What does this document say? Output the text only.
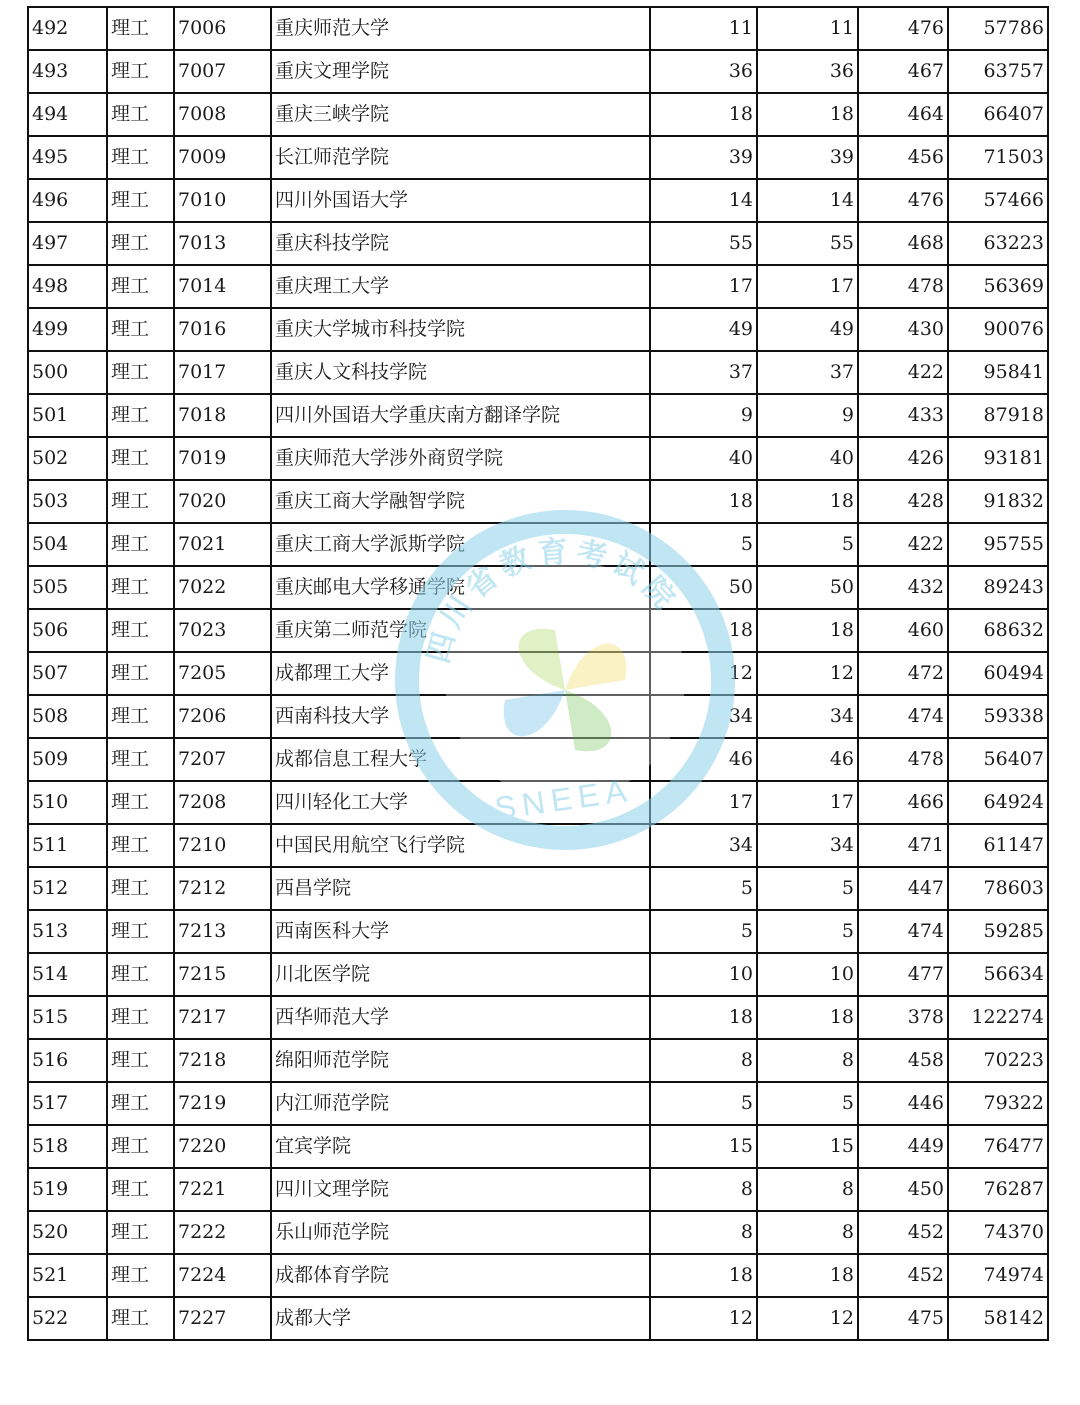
492	理工	7006	重庆师范大学	11	11	476	57786
493	理工	7007	重庆文理学院	36	36	467	63757
494	理工	7008	重庆三峡学院	18	18	464	66407
495	理工	7009	长江师范学院	39	39	456	71503
496	理工	7010	四川外国语大学	14	14	476	57466
497	理工	7013	重庆科技学院	55	55	468	63223
498	理工	7014	重庆理工大学	17	17	478	56369
499	理工	7016	重庆大学城市科技学院	49	49	430	90076
500	理工	7017	重庆人文科技学院	37	37	422	95841
501	理工	7018	四川外国语大学重庆南方翻译学院	9	9	433	87918
502	理工	7019	重庆师范大学涉外商贸学院	40	40	426	93181
503	理工	7020	重庆工商大学融智学院	18	18	428	91832
504	理工	7021	重庆工商大学派斯学院	5	5	422	95755
505	理工	7022	重庆邮电大学移通学院	50	50	432	89243
506	理工	7023	重庆第二师范学院	18	18	460	68632
507	理工	7205	成都理工大学	12	12	472	60494
508	理工	7206	西南科技大学	34	34	474	59338
509	理工	7207	成都信息工程大学	46	46	478	56407
510	理工	7208	四川轻化工大学	17	17	466	64924
511	理工	7210	中国民用航空飞行学院	34	34	471	61147
512	理工	7212	西昌学院	5	5	447	78603
513	理工	7213	西南医科大学	5	5	474	59285
514	理工	7215	川北医学院	10	10	477	56634
515	理工	7217	西华师范大学	18	18	378	122274
516	理工	7218	绵阳师范学院	8	8	458	70223
517	理工	7219	内江师范学院	5	5	446	79322
518	理工	7220	宜宾学院	15	15	449	76477
519	理工	7221	四川文理学院	8	8	450	76287
520	理工	7222	乐山师范学院	8	8	452	74370
521	理工	7224	成都体育学院	18	18	452	74974
522	理工	7227	成都大学	12	12	475	58142
四川省教育考试院
SNEEA
